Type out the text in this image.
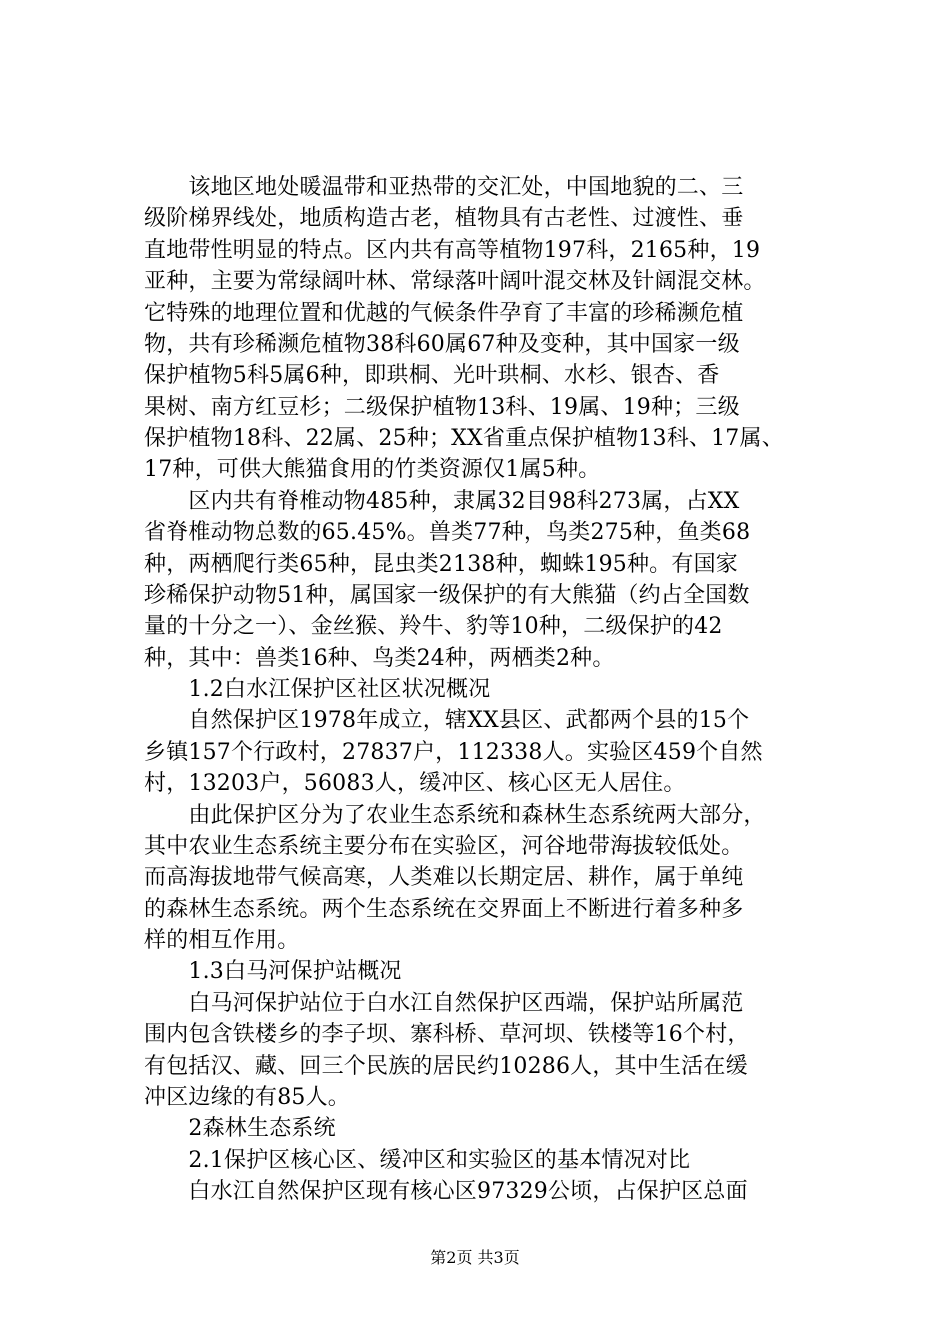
　　该地区地处暖温带和亚热带的交汇处，中国地貌的二、三
级阶梯界线处，地质构造古老，植物具有古老性、过渡性、垂
直地带性明显的特点。区内共有高等植物197科，2165种，19
亚种，主要为常绿阔叶林、常绿落叶阔叶混交林及针阔混交林。
它特殊的地理位置和优越的气候条件孕育了丰富的珍稀濒危植
物，共有珍稀濒危植物38科60属67种及变种，其中国家一级
保护植物5科5属6种，即珙桐、光叶珙桐、水杉、银杏、香
果树、南方红豆杉；二级保护植物13科、19属、19种；三级
保护植物18科、22属、25种；XX省重点保护植物13科、17属、
17种，可供大熊猫食用的竹类资源仅1属5种。
　　区内共有脊椎动物485种，隶属32目98科273属，占XX
省脊椎动物总数的65.45%。兽类77种，鸟类275种，鱼类68
种，两栖爬行类65种，昆虫类2138种，蜘蛛195种。有国家
珍稀保护动物51种，属国家一级保护的有大熊猫（约占全国数
量的十分之一）、金丝猴、羚牛、豹等10种，二级保护的42
种，其中：兽类16种、鸟类24种，两栖类2种。
　　1.2白水江保护区社区状况概况
　　自然保护区1978年成立，辖XX县区、武都两个县的15个
乡镇157个行政村，27837户，112338人。实验区459个自然
村，13203户，56083人，缓冲区、核心区无人居住。
　　由此保护区分为了农业生态系统和森林生态系统两大部分，
其中农业生态系统主要分布在实验区，河谷地带海拔较低处。
而高海拔地带气候高寒，人类难以长期定居、耕作，属于单纯
的森林生态系统。两个生态系统在交界面上不断进行着多种多
样的相互作用。
　　1.3白马河保护站概况
　　白马河保护站位于白水江自然保护区西端，保护站所属范
围内包含铁楼乡的李子坝、寨科桥、草河坝、铁楼等16个村，
有包括汉、藏、回三个民族的居民约10286人，其中生活在缓
冲区边缘的有85人。
　　2森林生态系统
　　2.1保护区核心区、缓冲区和实验区的基本情况对比
　　白水江自然保护区现有核心区97329公顷，占保护区总面
第2页 共3页
